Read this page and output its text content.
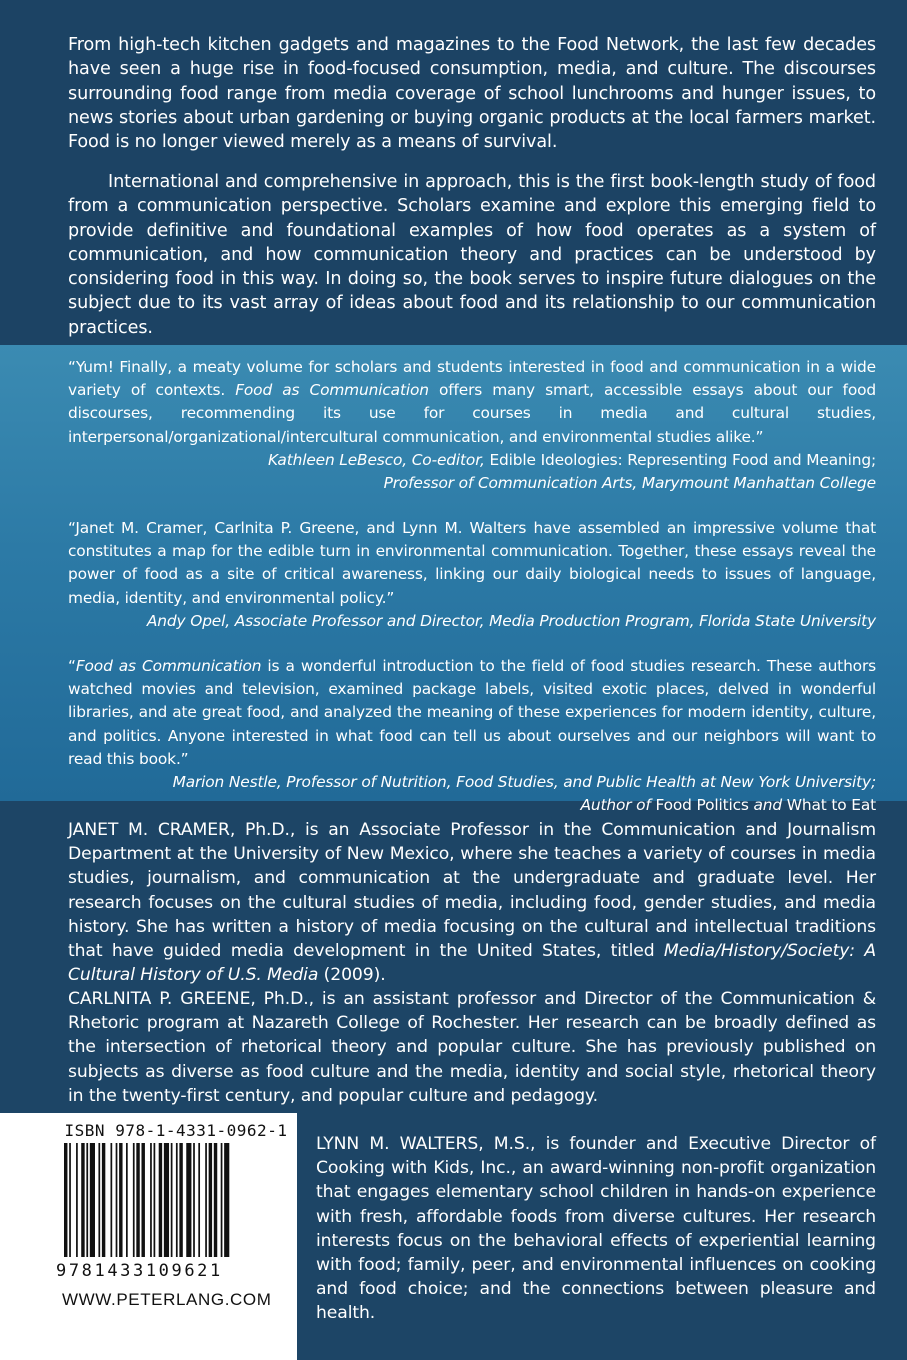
From high-tech kitchen gadgets and magazines to the Food Network, the last few decades have seen a huge rise in food-focused consumption, media, and culture. The discourses surrounding food range from media coverage of school lunchrooms and hunger issues, to news stories about urban gardening or buying organic products at the local farmers market. Food is no longer viewed merely as a means of survival.

International and comprehensive in approach, this is the first book-length study of food from a communication perspective. Scholars examine and explore this emerging field to provide definitive and foundational examples of how food operates as a system of communication, and how communication theory and practices can be understood by considering food in this way. In doing so, the book serves to inspire future dialogues on the subject due to its vast array of ideas about food and its relationship to our communication practices.

“Yum! Finally, a meaty volume for scholars and students interested in food and communication in a wide variety of contexts. Food as Communication offers many smart, accessible essays about our food discourses, recommending its use for courses in media and cultural studies, interpersonal/organizational/intercultural communication, and environmental studies alike.”

Kathleen LeBesco, Co-editor, Edible Ideologies: Representing Food and Meaning;
Professor of Communication Arts, Marymount Manhattan College

“Janet M. Cramer, Carlnita P. Greene, and Lynn M. Walters have assembled an impressive volume that constitutes a map for the edible turn in environmental communication. Together, these essays reveal the power of food as a site of critical awareness, linking our daily biological needs to issues of language, media, identity, and environmental policy.”

Andy Opel, Associate Professor and Director, Media Production Program, Florida State University

“Food as Communication is a wonderful introduction to the field of food studies research. These authors watched movies and television, examined package labels, visited exotic places, delved in wonderful libraries, and ate great food, and analyzed the meaning of these experiences for modern identity, culture, and politics. Anyone interested in what food can tell us about ourselves and our neighbors will want to read this book.”

Marion Nestle, Professor of Nutrition, Food Studies, and Public Health at New York University;
Author of Food Politics and What to Eat

JANET M. CRAMER, Ph.D., is an Associate Professor in the Communication and Journalism Department at the University of New Mexico, where she teaches a variety of courses in media studies, journalism, and communication at the undergraduate and graduate level. Her research focuses on the cultural studies of media, including food, gender studies, and media history. She has written a history of media focusing on the cultural and intellectual traditions that have guided media development in the United States, titled Media/History/Society: A Cultural History of U.S. Media (2009).

CARLNITA P. GREENE, Ph.D., is an assistant professor and Director of the Communication & Rhetoric program at Nazareth College of Rochester. Her research can be broadly defined as the intersection of rhetorical theory and popular culture. She has previously published on subjects as diverse as food culture and the media, identity and social style, rhetorical theory in the twenty-first century, and popular culture and pedagogy.

ISBN 978-1-4331-0962-1
9781433109621
WWW.PETERLANG.COM

LYNN M. WALTERS, M.S., is founder and Executive Director of Cooking with Kids, Inc., an award-winning non-profit organization that engages elementary school children in hands-on experience with fresh, affordable foods from diverse cultures. Her research interests focus on the behavioral effects of experiential learning with food; family, peer, and environmental influences on cooking and food choice; and the connections between pleasure and health.
